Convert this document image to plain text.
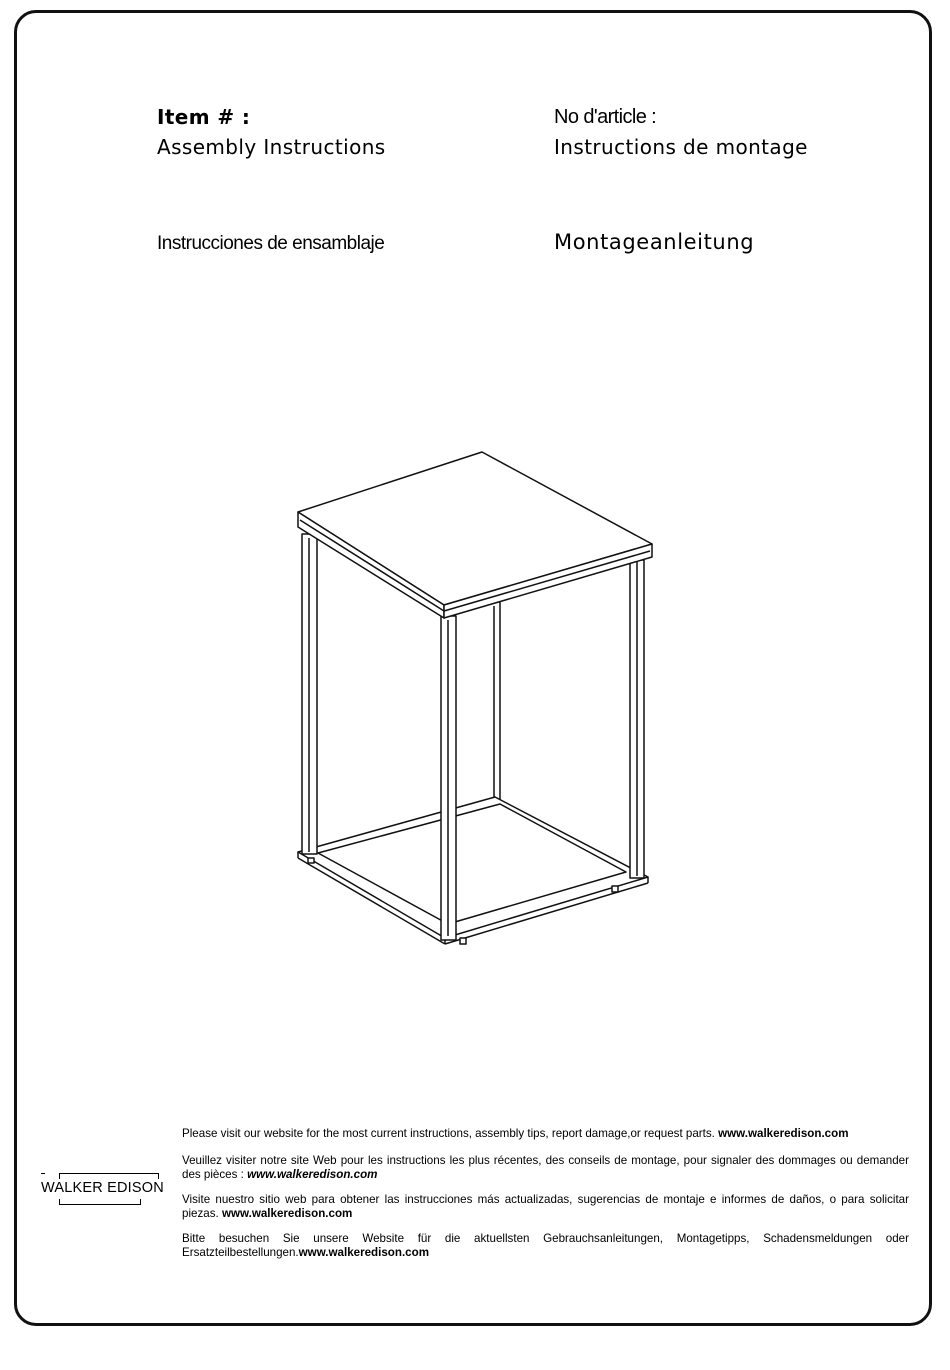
Item # :
Assembly Instructions
No d'article :
Instructions de montage
Instrucciones de ensamblaje	Montageanleitung
WALKER EDISON
Please visit our website for the most current instructions, assembly tips, report damage,or request parts. www.walkeredison.com
Veuillez visiter notre site Web pour les instructions les plus récentes, des conseils de montage, pour signaler des dommages ou demander des pièces : www.walkeredison.com
Visite nuestro sitio web para obtener las instrucciones más actualizadas, sugerencias de montaje e informes de daños, o para solicitar piezas. www.walkeredison.com
Bitte besuchen Sie unsere Website für die aktuellsten Gebrauchsanleitungen, Montagetipps, Schadensmeldungen oder Ersatzteilbestellungen.www.walkeredison.com
